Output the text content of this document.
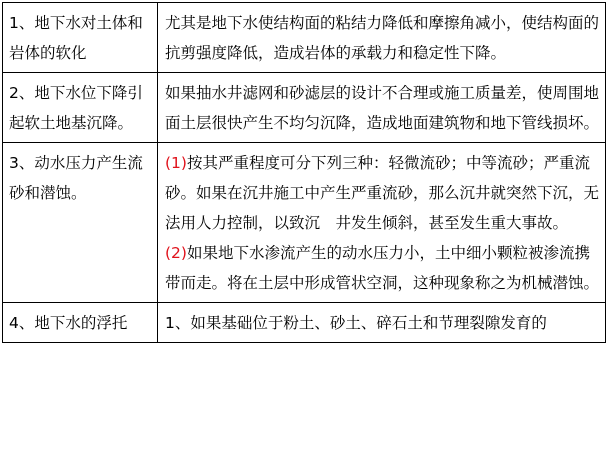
1、地下水对土体和岩体的软化	尤其是地下水使结构面的粘结力降低和摩擦角减小，使结构面的抗剪强度降低，造成岩体的承载力和稳定性下降。

2、地下水位下降引起软土地基沉降。	如果抽水井滤网和砂滤层的设计不合理或施工质量差，使周围地面土层很快产生不均匀沉降，造成地面建筑物和地下管线损坏。

3、动水压力产生流砂和潜蚀。	(1)按其严重程度可分下列三种：轻微流砂；中等流砂；严重流砂。如果在沉井施工中产生严重流砂，那么沉井就突然下沉，无法用人力控制，以致沉　井发生倾斜，甚至发生重大事故。
(2)如果地下水渗流产生的动水压力小，土中细小颗粒被渗流携带而走。将在土层中形成管状空洞，这种现象称之为机械潜蚀。

4、地下水的浮托	1、如果基础位于粉土、砂土、碎石土和节理裂隙发育的
